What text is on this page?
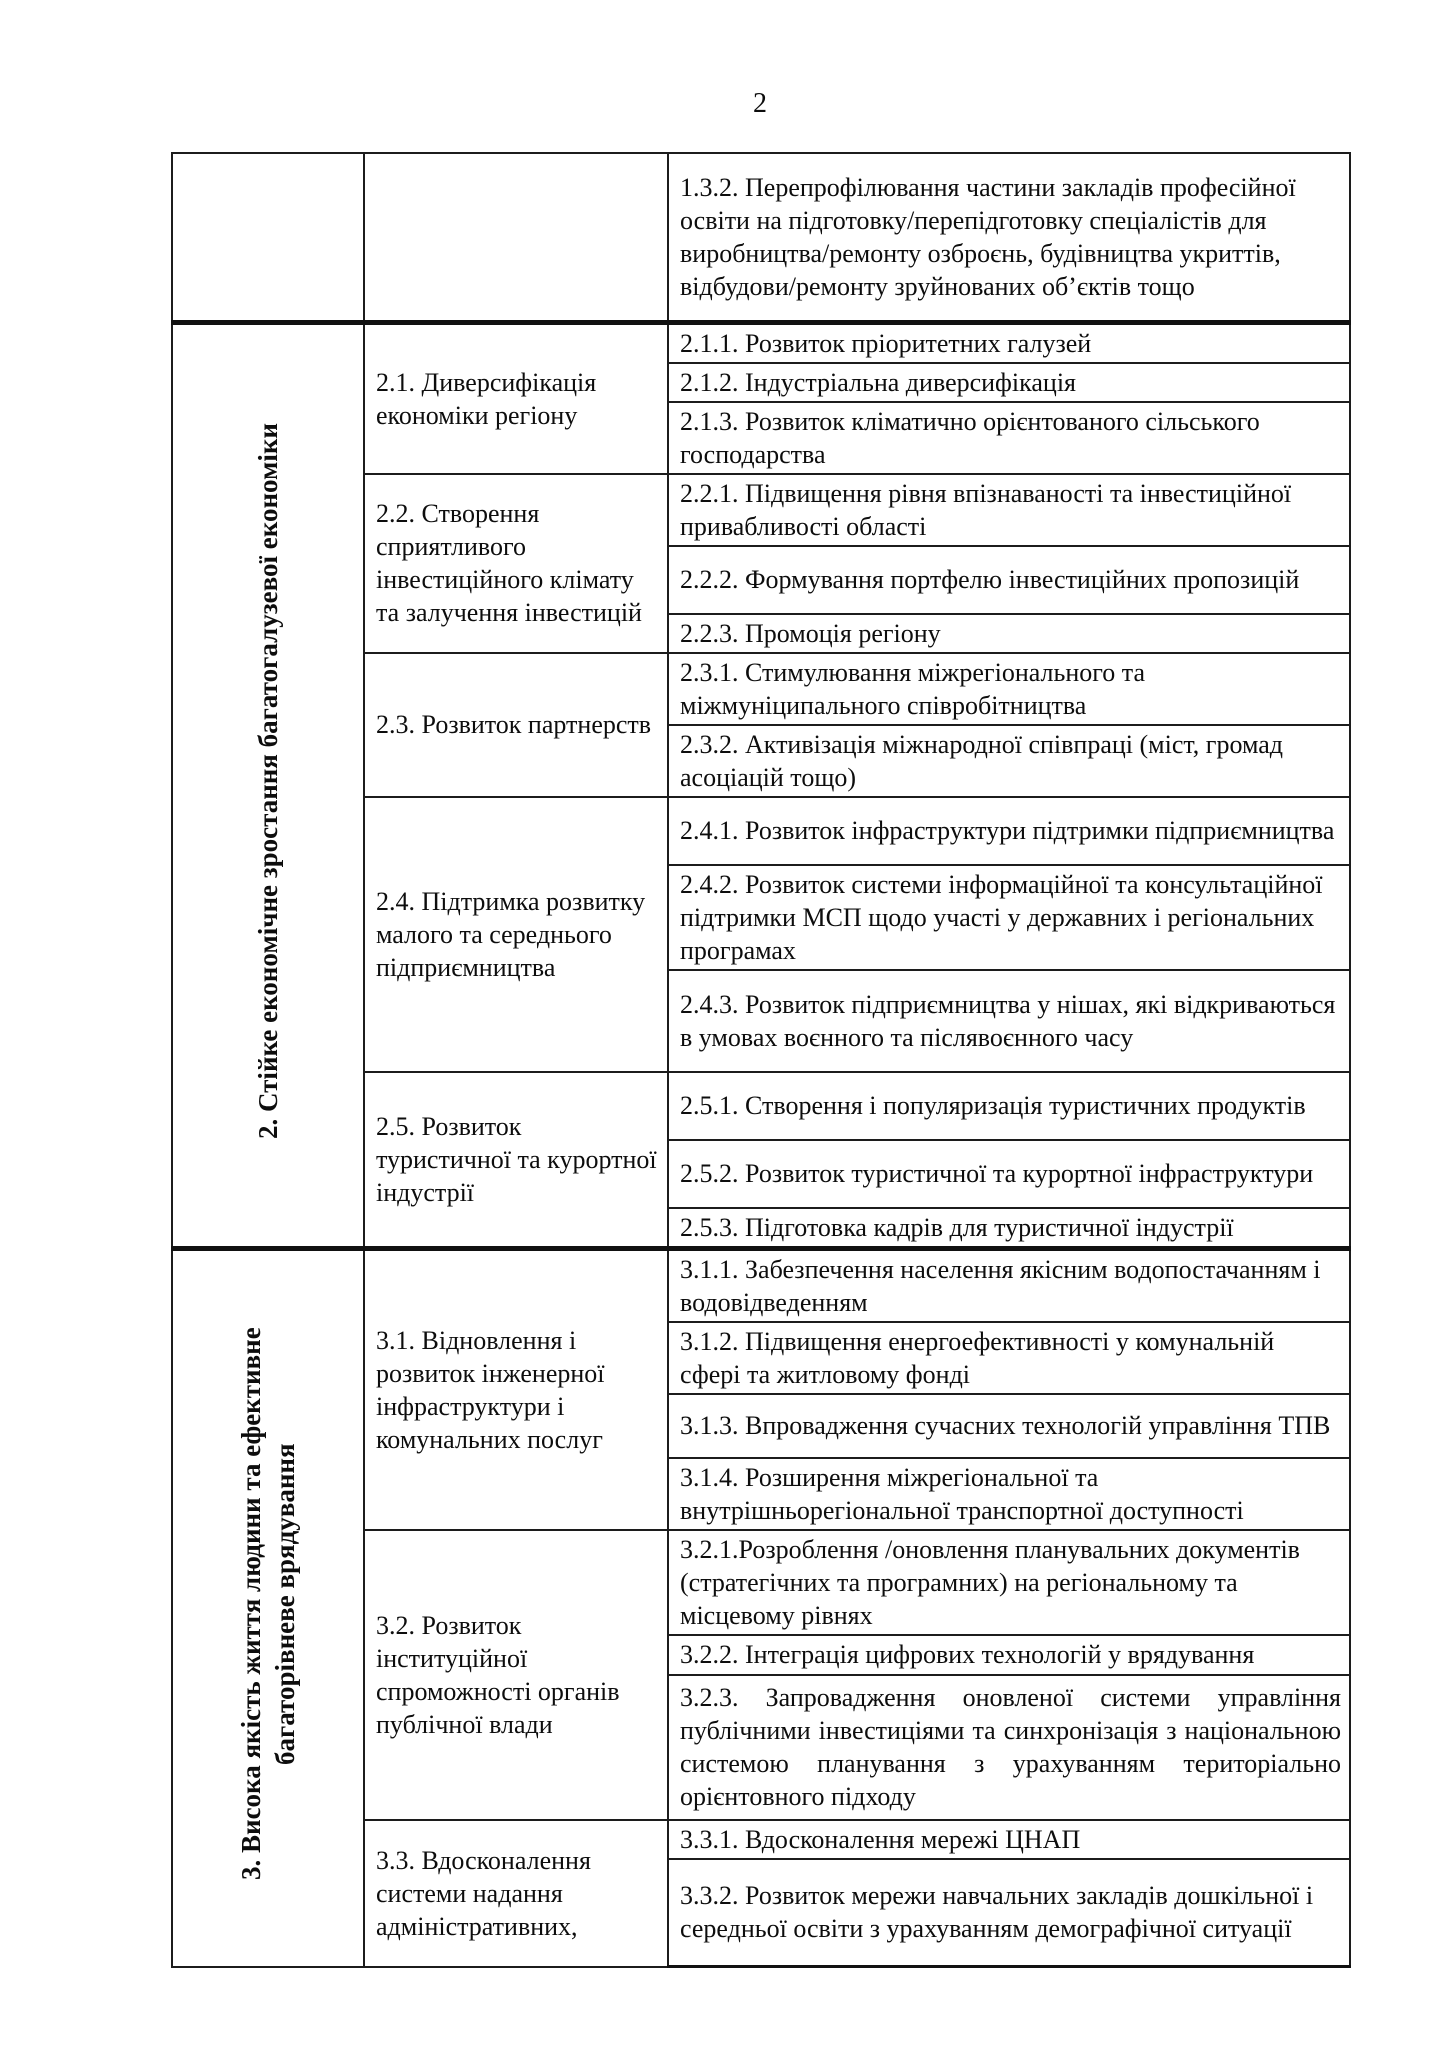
2
		1.3.2. Перепрофілювання частини закладів професійної освіти на підготовку/перепідготовку спеціалістів для виробництва/ремонту озброєнь, будівництва укриттів, відбудови/ремонту зруйнованих об’єктів тощо
2. Стійке економічне зростання багатогалузевої економіки	2.1. Диверсифікація економіки регіону	2.1.1. Розвиток пріоритетних галузей
		2.1.2. Індустріальна диверсифікація
		2.1.3. Розвиток кліматично орієнтованого сільського господарства
	2.2. Створення сприятливого інвестиційного клімату та залучення інвестицій	2.2.1. Підвищення рівня впізнаваності та інвестиційної привабливості області
		2.2.2. Формування портфелю інвестиційних пропозицій
		2.2.3. Промоція регіону
	2.3. Розвиток партнерств	2.3.1. Стимулювання міжрегіонального та міжмуніципального співробітництва
		2.3.2. Активізація міжнародної співпраці (міст, громад асоціацій тощо)
	2.4. Підтримка розвитку малого та середнього підприємництва	2.4.1. Розвиток інфраструктури підтримки підприємництва
		2.4.2. Розвиток системи інформаційної та консультаційної підтримки МСП щодо участі у державних і регіональних програмах
		2.4.3. Розвиток підприємництва у нішах, які відкриваються в умовах воєнного та післявоєнного часу
	2.5. Розвиток туристичної та курортної індустрії	2.5.1. Створення і популяризація туристичних продуктів
		2.5.2. Розвиток туристичної та курортної інфраструктури
		2.5.3. Підготовка кадрів для туристичної індустрії
3. Висока якість життя людини та ефективне багаторівневе врядування	3.1. Відновлення і розвиток інженерної інфраструктури і комунальних послуг	3.1.1. Забезпечення населення якісним водопостачанням і водовідведенням
		3.1.2. Підвищення енергоефективності у комунальній сфері та житловому фонді
		3.1.3. Впровадження сучасних технологій управління ТПВ
		3.1.4. Розширення міжрегіональної та внутрішньорегіональної транспортної доступності
	3.2. Розвиток інституційної спроможності органів публічної влади	3.2.1.Розроблення /оновлення планувальних документів (стратегічних та програмних) на регіональному та місцевому рівнях
		3.2.2. Інтеграція цифрових технологій у врядування
		3.2.3. Запровадження оновленої системи управління публічними інвестиціями та синхронізація з національною системою планування з урахуванням територіально орієнтовного підходу
	3.3. Вдосконалення системи надання адміністративних,	3.3.1. Вдосконалення мережі ЦНАП
		3.3.2. Розвиток мережи навчальних закладів дошкільної і середньої освіти з урахуванням демографічної ситуації
